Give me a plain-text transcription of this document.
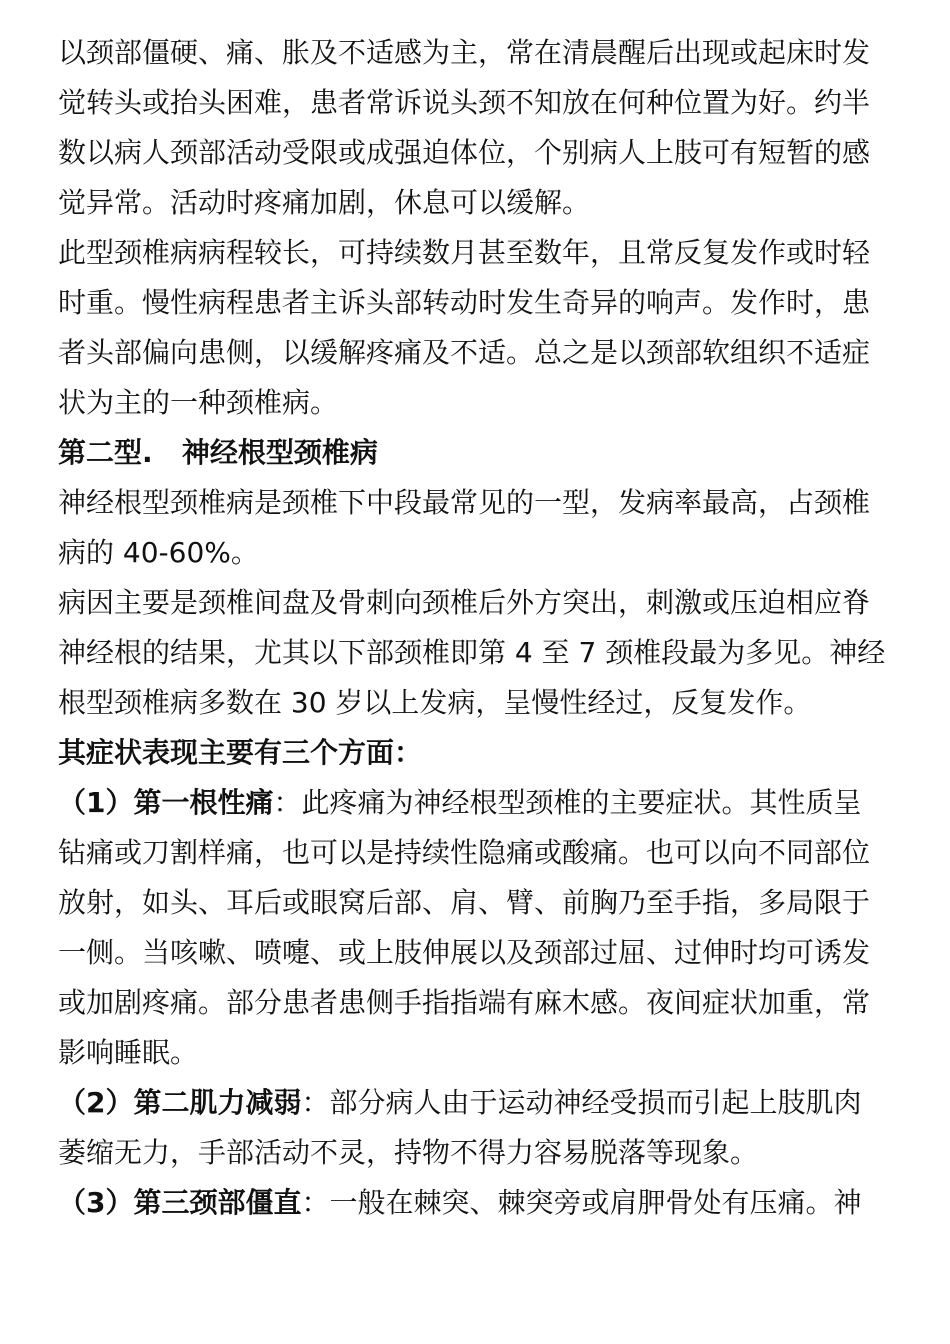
以颈部僵硬、痛、胀及不适感为主，常在清晨醒后出现或起床时发
觉转头或抬头困难，患者常诉说头颈不知放在何种位置为好。约半
数以病人颈部活动受限或成强迫体位，个别病人上肢可有短暂的感
觉异常。活动时疼痛加剧，休息可以缓解。
此型颈椎病病程较长，可持续数月甚至数年，且常反复发作或时轻
时重。慢性病程患者主诉头部转动时发生奇异的响声。发作时，患
者头部偏向患侧，以缓解疼痛及不适。总之是以颈部软组织不适症
状为主的一种颈椎病。
第二型.   神经根型颈椎病
神经根型颈椎病是颈椎下中段最常见的一型，发病率最高，占颈椎
病的 40-60%。
病因主要是颈椎间盘及骨刺向颈椎后外方突出，刺激或压迫相应脊
神经根的结果，尤其以下部颈椎即第 4 至 7 颈椎段最为多见。神经
根型颈椎病多数在 30 岁以上发病，呈慢性经过，反复发作。
其症状表现主要有三个方面：
（1）第一根性痛：此疼痛为神经根型颈椎的主要症状。其性质呈
钻痛或刀割样痛，也可以是持续性隐痛或酸痛。也可以向不同部位
放射，如头、耳后或眼窝后部、肩、臂、前胸乃至手指，多局限于
一侧。当咳嗽、喷嚏、或上肢伸展以及颈部过屈、过伸时均可诱发
或加剧疼痛。部分患者患侧手指指端有麻木感。夜间症状加重，常
影响睡眠。
（2）第二肌力减弱：部分病人由于运动神经受损而引起上肢肌肉
萎缩无力，手部活动不灵，持物不得力容易脱落等现象。
（3）第三颈部僵直：一般在棘突、棘突旁或肩胛骨处有压痛。神
